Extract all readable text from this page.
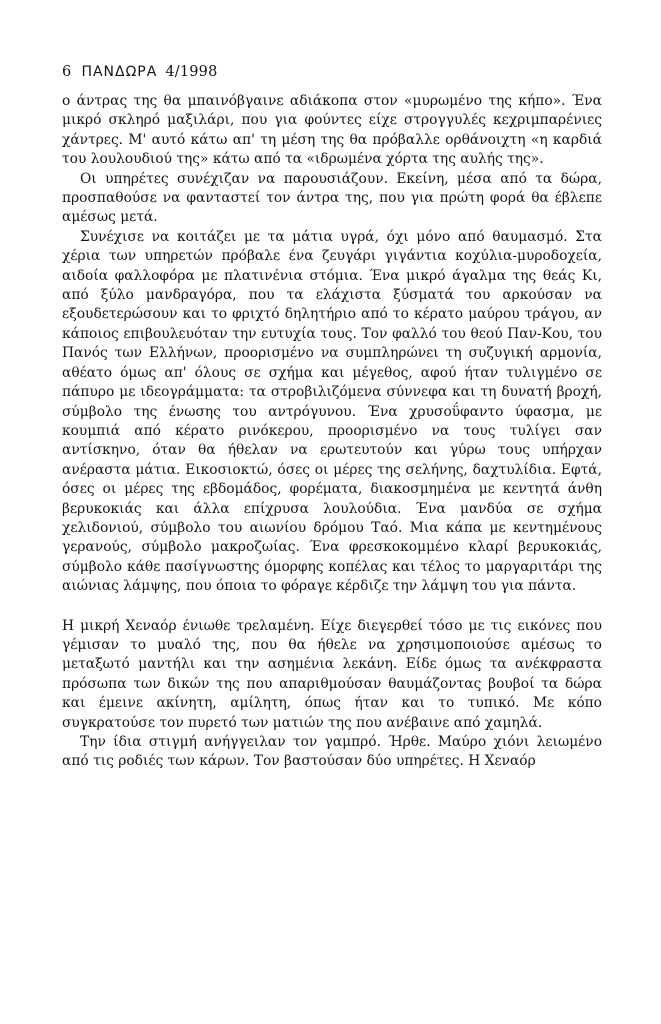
6 ΠΑΝΔΩΡΑ 4/1998

ο άντρας της θα μπαινόβγαινε αδιάκοπα στον «μυρωμένο της κήπο». Ένα μικρό σκληρό μαξιλάρι, που για φούντες είχε στρογγυλές κεχριμπαρένιες χάντρες. Μ' αυτό κάτω απ' τη μέση της θα πρόβαλλε ορθάνοιχτη «η καρδιά του λουλουδιού της» κάτω από τα «ιδρωμένα χόρτα της αυλής της».

Οι υπηρέτες συνέχιζαν να παρουσιάζουν. Εκείνη, μέσα από τα δώρα, προσπαθούσε να φανταστεί τον άντρα της, που για πρώτη φορά θα έβλεπε αμέσως μετά.

Συνέχισε να κοιτάζει με τα μάτια υγρά, όχι μόνο από θαυμασμό. Στα χέρια των υπηρετών πρόβαλε ένα ζευγάρι γιγάντια κοχύλια-μυροδοχεία, αιδοία φαλλοφόρα με πλατινένια στόμια. Ένα μικρό άγαλμα της θεάς Κι, από ξύλο μανδραγόρα, που τα ελάχιστα ξύσματά του αρκούσαν να εξουδετερώσουν και το φριχτό δηλητήριο από το κέρατο μαύρου τράγου, αν κάποιος επιβουλευόταν την ευτυχία τους. Τον φαλλό του θεού Παν-Κου, του Πανός των Ελλήνων, προορισμένο να συμπληρώνει τη συζυγική αρμονία, αθέατο όμως απ' όλους σε σχήμα και μέγεθος, αφού ήταν τυλιγμένο σε πάπυρο με ιδεογράμματα: τα στροβιλιζόμενα σύννεφα και τη δυνατή βροχή, σύμβολο της ένωσης του αντρόγυνου. Ένα χρυσοΰφαντο ύφασμα, με κουμπιά από κέρατο ρινόκερου, προορισμένο να τους τυλίγει σαν αντίσκηνο, όταν θα ήθελαν να ερωτευτούν και γύρω τους υπήρχαν ανέραστα μάτια. Εικοσιοκτώ, όσες οι μέρες της σελήνης, δαχτυλίδια. Εφτά, όσες οι μέρες της εβδομάδος, φορέματα, διακοσμημένα με κεντητά άνθη βερυκοκιάς και άλλα επίχρυσα λουλούδια. Ένα μανδύα σε σχήμα χελιδονιού, σύμβολο του αιωνίου δρόμου Ταό. Μια κάπα με κεντημένους γερανούς, σύμβολο μακροζωίας. Ένα φρεσκοκομμένο κλαρί βερυκοκιάς, σύμβολο κάθε πασίγνωστης όμορφης κοπέλας και τέλος το μαργαριτάρι της αιώνιας λάμψης, που όποια το φόραγε κέρδιζε την λάμψη του για πάντα.

Η μικρή Χεναόρ ένιωθε τρελαμένη. Είχε διεγερθεί τόσο με τις εικόνες που γέμισαν το μυαλό της, που θα ήθελε να χρησιμοποιούσε αμέσως το μεταξωτό μαντήλι και την ασημένια λεκάνη. Είδε όμως τα ανέκφραστα πρόσωπα των δικών της που απαριθμούσαν θαυμάζοντας βουβοί τα δώρα και έμεινε ακίνητη, αμίλητη, όπως ήταν και το τυπικό. Με κόπο συγκρατούσε τον πυρετό των ματιών της που ανέβαινε από χαμηλά.

Την ίδια στιγμή ανήγγειλαν τον γαμπρό. Ήρθε. Μαύρο χιόνι λειωμένο από τις ροδιές των κάρων. Τον βαστούσαν δύο υπηρέτες. Η Χεναόρ
